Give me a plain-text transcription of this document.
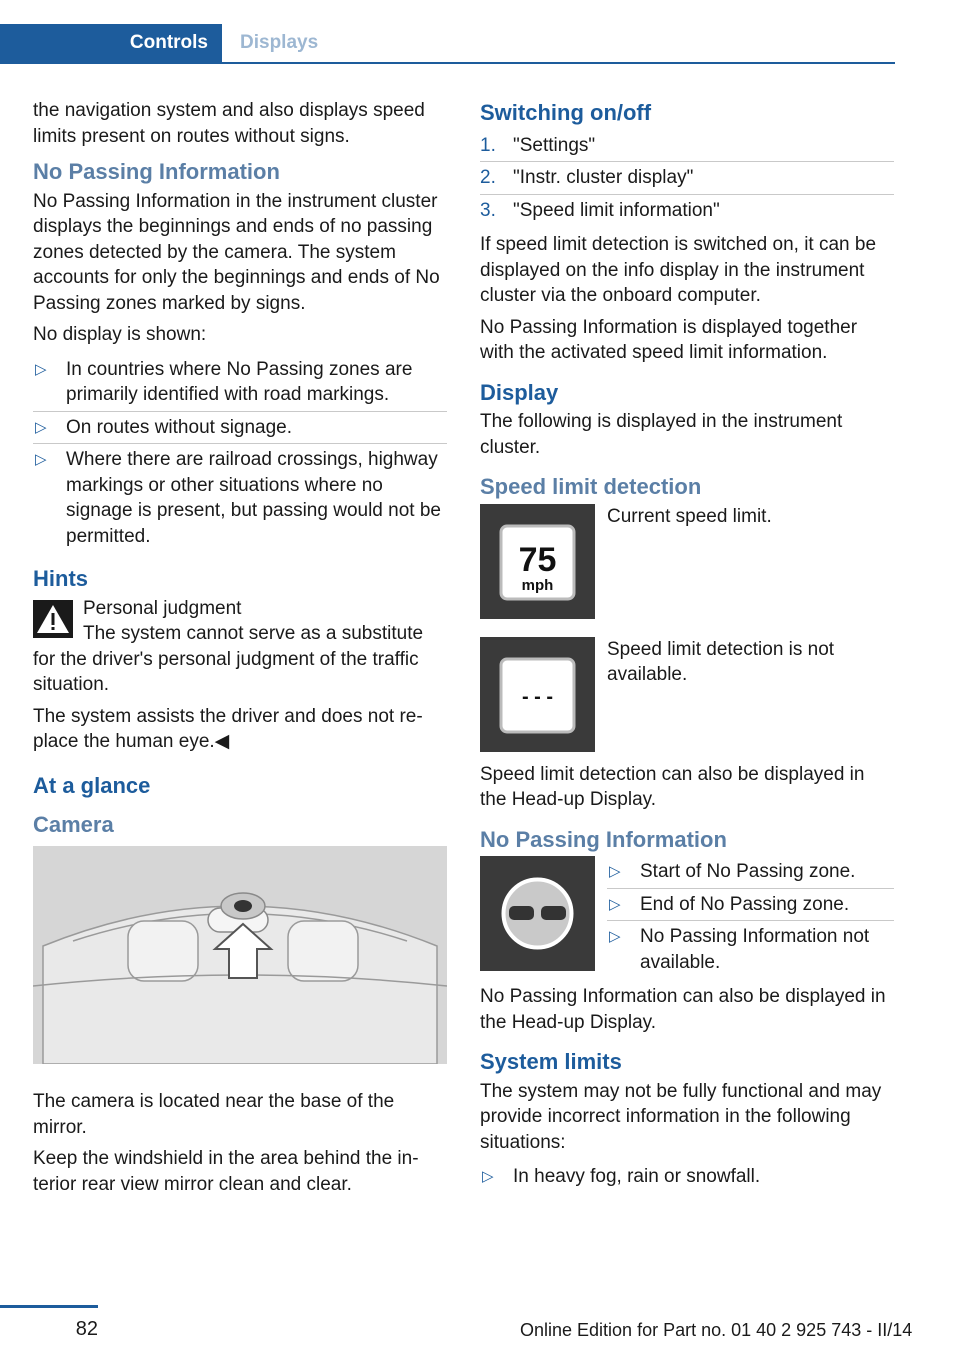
Controls	Displays

the navigation system and also displays speed limits present on routes without signs.

No Passing Information

No Passing Information in the instrument cluster displays the beginnings and ends of no passing zones detected by the camera. The system accounts for only the beginnings and ends of No Passing zones marked by signs.

No display is shown:

▷ In countries where No Passing zones are primarily identified with road markings.
▷ On routes without signage.
▷ Where there are railroad crossings, highway markings or other situations where no signage is present, but passing would not be permitted.
Hints

Personal judgment

The system cannot serve as a substitute for the driver's personal judgment of the traffic situation.

The system assists the driver and does not replace the human eye.◀

At a glance
Camera

The camera is located near the base of the mirror.

Keep the windshield in the area behind the interior rear view mirror clean and clear.

Switching on/off
1. "Settings"
2. "Instr. cluster display"
3. "Speed limit information"

If speed limit detection is switched on, it can be displayed on the info display in the instrument cluster via the onboard computer.

No Passing Information is displayed together with the activated speed limit information.

Display

The following is displayed in the instrument cluster.

Speed limit detection
75
mph

Current speed limit.

- - -

Speed limit detection is not available.

Speed limit detection can also be displayed in the Head-up Display.

No Passing Information
▷ Start of No Passing zone.
▷ End of No Passing zone.
▷ No Passing Information not available.

No Passing Information can also be displayed in the Head-up Display.

System limits

The system may not be fully functional and may provide incorrect information in the following situations:

▷ In heavy fog, rain or snowfall.
82	Online Edition for Part no. 01 40 2 925 743 - II/14
